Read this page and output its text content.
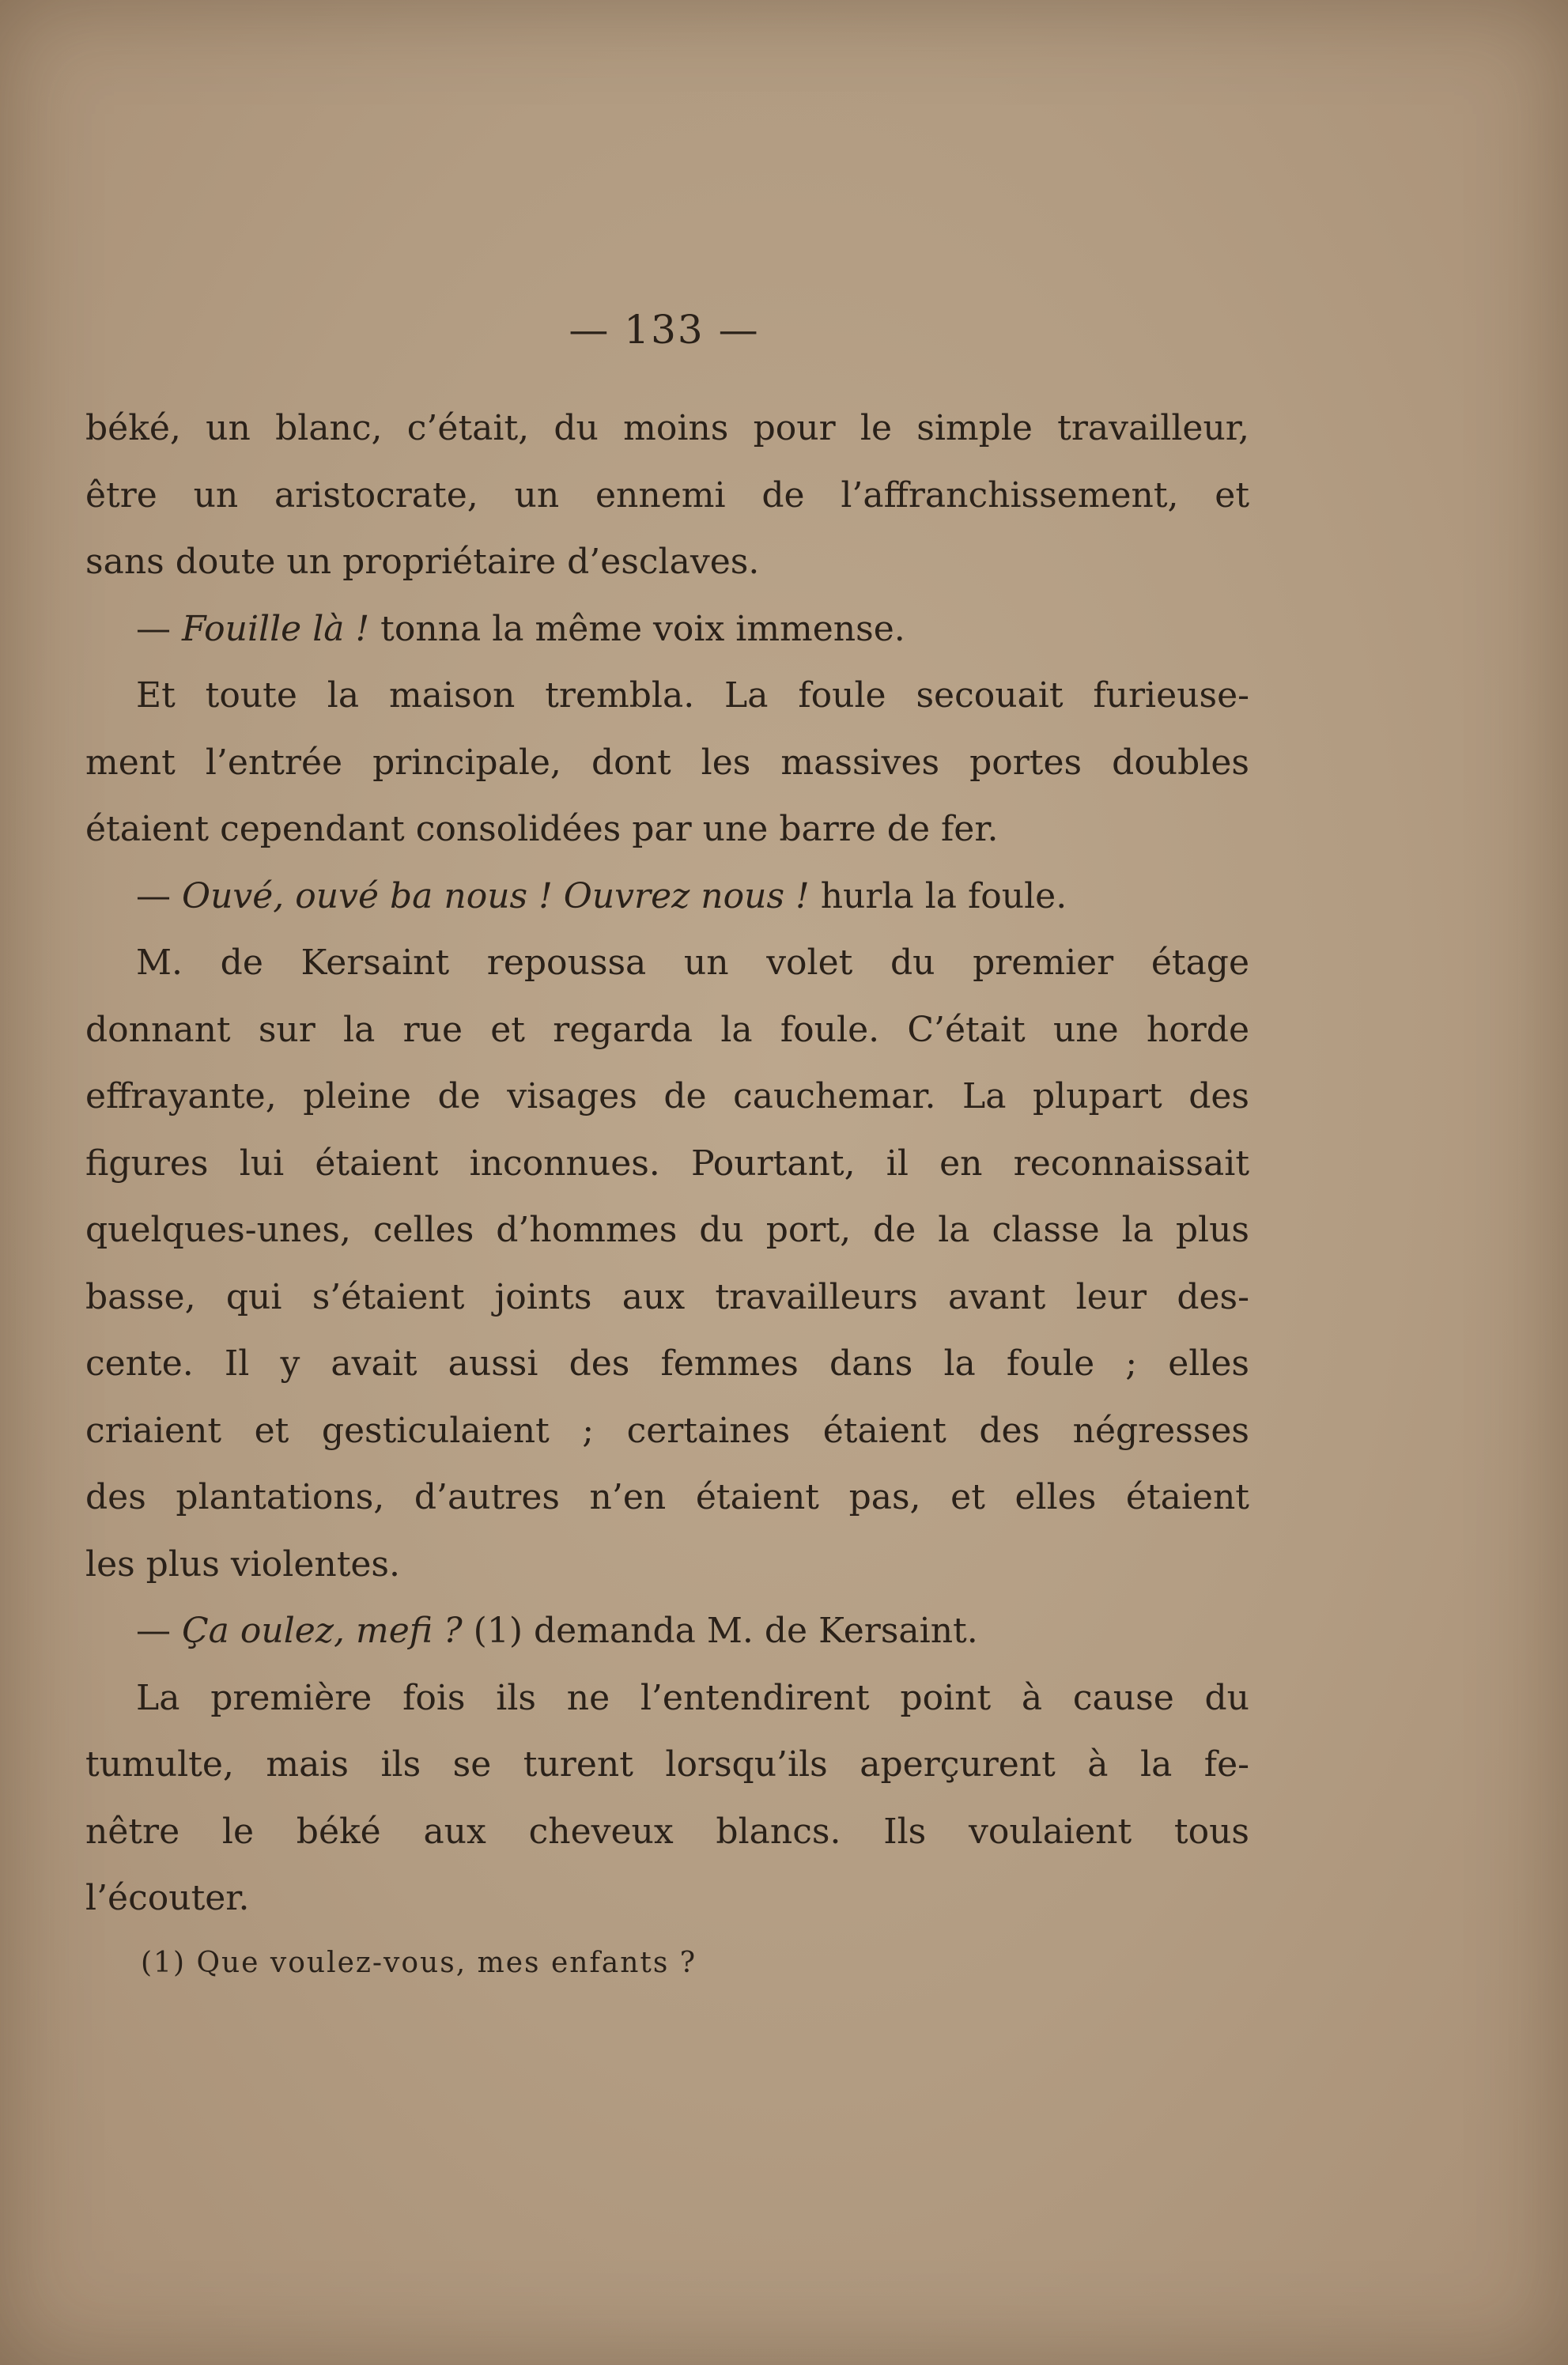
— 133 —
béké, un blanc, c’était, du moins pour le simple travailleur,
être un aristocrate, un ennemi de l’affranchissement, et
sans doute un propriétaire d’esclaves.
— Fouille là ! tonna la même voix immense.
Et toute la maison trembla. La foule secouait furieuse-
ment l’entrée principale, dont les massives portes doubles
étaient cependant consolidées par une barre de fer.
— Ouvé, ouvé ba nous ! Ouvrez nous ! hurla la foule.
M. de Kersaint repoussa un volet du premier étage
donnant sur la rue et regarda la foule. C’était une horde
effrayante, pleine de visages de cauchemar. La plupart des
figures lui étaient inconnues. Pourtant, il en reconnaissait
quelques-unes, celles d’hommes du port, de la classe la plus
basse, qui s’étaient joints aux travailleurs avant leur des-
cente. Il y avait aussi des femmes dans la foule ; elles
criaient et gesticulaient ; certaines étaient des négresses
des plantations, d’autres n’en étaient pas, et elles étaient
les plus violentes.
— Ça oulez, mefi ? (1) demanda M. de Kersaint.
La première fois ils ne l’entendirent point à cause du
tumulte, mais ils se turent lorsqu’ils aperçurent à la fe-
nêtre le béké aux cheveux blancs. Ils voulaient tous
l’écouter.
(1) Que voulez-vous, mes enfants ?
